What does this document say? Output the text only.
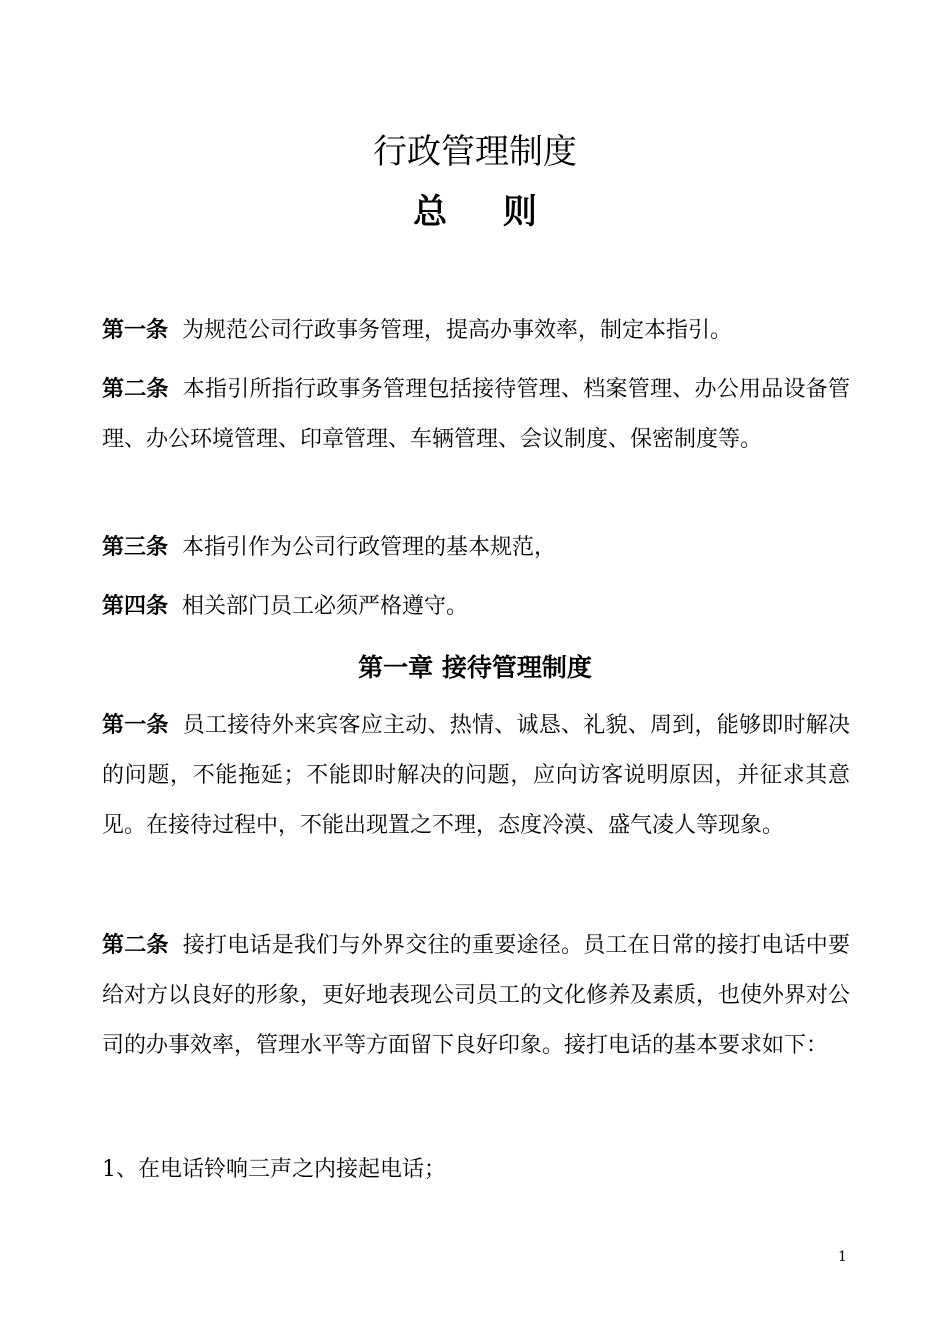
行政管理制度
总 则

第一条 为规范公司行政事务管理，提高办事效率，制定本指引。

第二条 本指引所指行政事务管理包括接待管理、档案管理、办公用品设备管理、办公环境管理、印章管理、车辆管理、会议制度、保密制度等。

第三条 本指引作为公司行政管理的基本规范，

第四条 相关部门员工必须严格遵守。

第一章 接待管理制度

第一条 员工接待外来宾客应主动、热情、诚恳、礼貌、周到，能够即时解决的问题，不能拖延；不能即时解决的问题，应向访客说明原因，并征求其意见。在接待过程中，不能出现置之不理，态度冷漠、盛气凌人等现象。

第二条 接打电话是我们与外界交往的重要途径。员工在日常的接打电话中要给对方以良好的形象，更好地表现公司员工的文化修养及素质，也使外界对公司的办事效率，管理水平等方面留下良好印象。接打电话的基本要求如下：

1、在电话铃响三声之内接起电话；

1
